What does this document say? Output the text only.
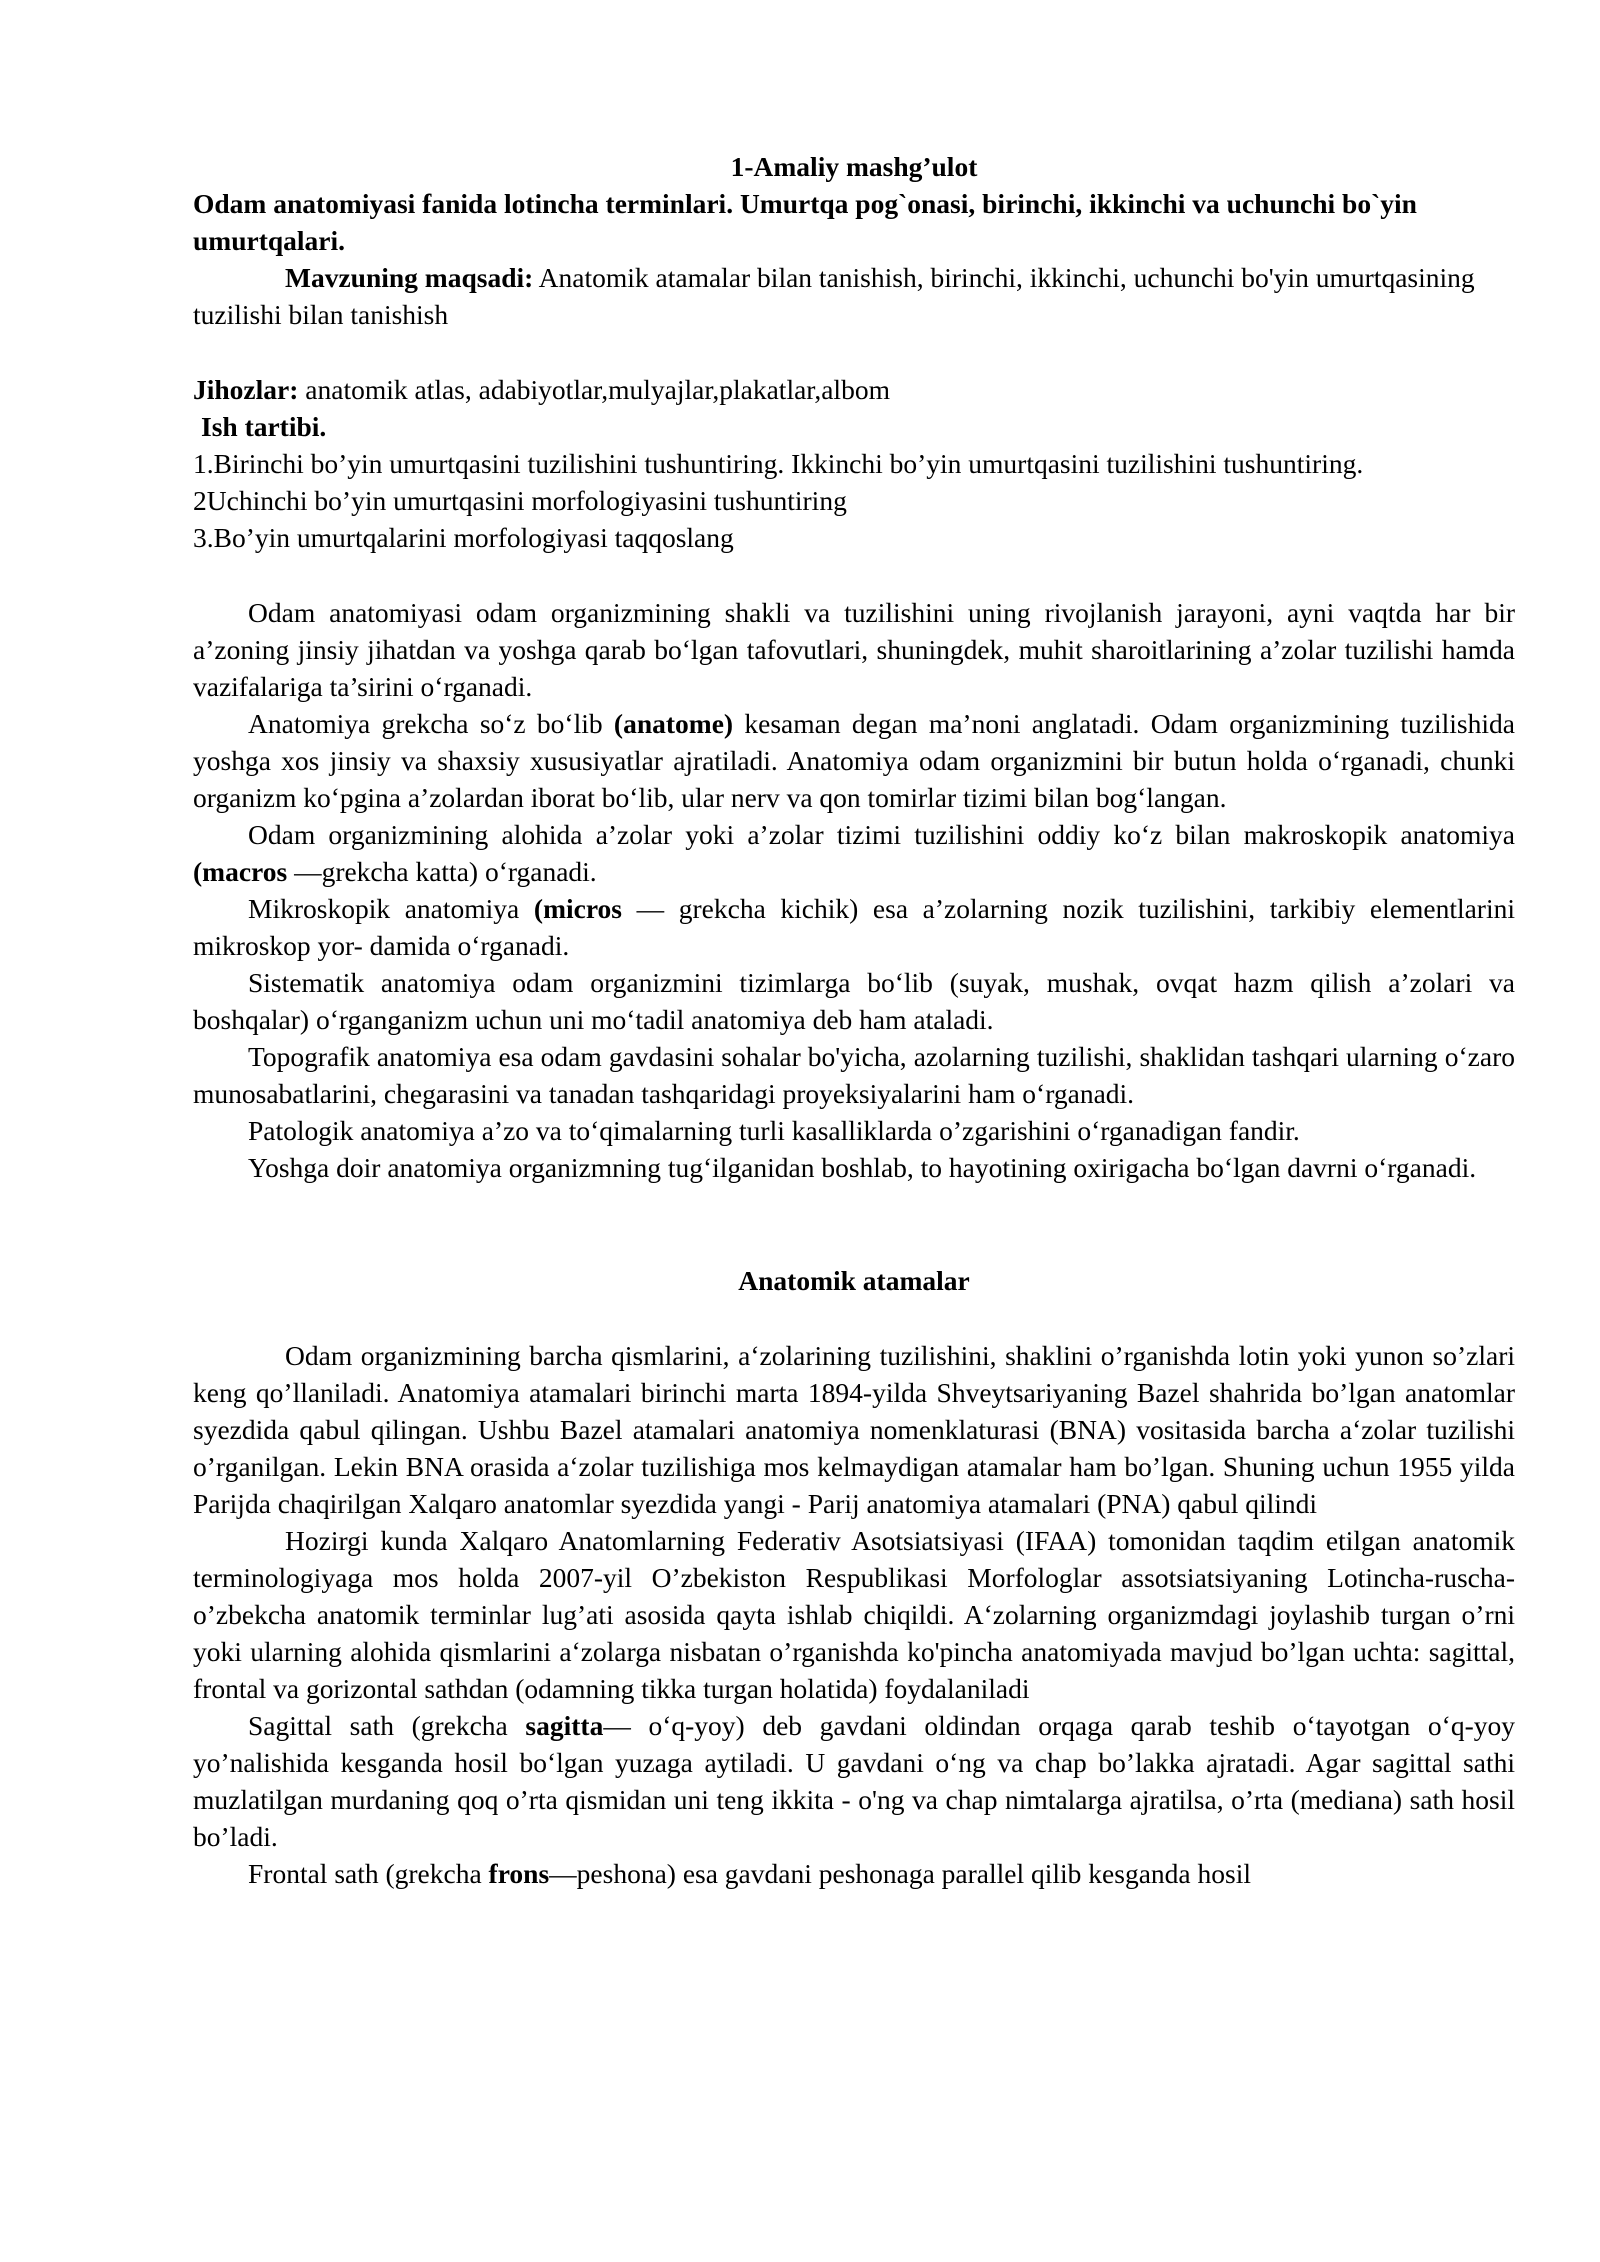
1-Amaliy mashg’ulot

Odam anatomiyasi fanida lotincha terminlari. Umurtqa pog`onasi, birinchi, ikkinchi va uchunchi bo`yin umurtqalari.

Mavzuning maqsadi: Anatomik atamalar bilan tanishish, birinchi, ikkinchi, uchunchi bo'yin umurtqasining tuzilishi bilan tanishish

Jihozlar: anatomik atlas, adabiyotlar,mulyajlar,plakatlar,albom

Ish tartibi.

1.Birinchi bo’yin umurtqasini tuzilishini tushuntiring. Ikkinchi bo’yin umurtqasini tuzilishini tushuntiring.

2Uchinchi bo’yin umurtqasini morfologiyasini tushuntiring

3.Bo’yin umurtqalarini morfologiyasi taqqoslang

Odam anatomiyasi odam organizmining shakli va tuzilishini uning rivojlanish jarayoni, ayni vaqtda har bir a’zoning jinsiy jihatdan va yoshga qarab bo‘lgan tafovutlari, shuningdek, muhit sharoitlarining a’zolar tuzilishi hamda vazifalariga ta’sirini o‘rganadi.

Anatomiya grekcha so‘z bo‘lib (anatome) kesaman degan ma’noni anglatadi. Odam organizmining tuzilishida yoshga xos jinsiy va shaxsiy xususiyatlar ajratiladi. Anatomiya odam organizmini bir butun holda o‘rganadi, chunki organizm ko‘pgina a’zolardan iborat bo‘lib, ular nerv va qon tomirlar tizimi bilan bog‘langan.

Odam organizmining alohida a’zolar yoki a’zolar tizimi tuzilishini oddiy ko‘z bilan makroskopik anatomiya (macros —grekcha katta) o‘rganadi.

Mikroskopik anatomiya (micros — grekcha kichik) esa a’zolarning nozik tuzilishini, tarkibiy elementlarini mikroskop yor- damida o‘rganadi.

Sistematik anatomiya odam organizmini tizimlarga bo‘lib (suyak, mushak, ovqat hazm qilish a’zolari va boshqalar) o‘rganganizm uchun uni mo‘tadil anatomiya deb ham ataladi.

Topografik anatomiya esa odam gavdasini sohalar bo'yicha, azolarning tuzilishi, shaklidan tashqari ularning o‘zaro munosabatlarini, chegarasini va tanadan tashqaridagi proyeksiyalarini ham o‘rganadi.

Patologik anatomiya a’zo va to‘qimalarning turli kasalliklarda o’zgarishini o‘rganadigan fandir.

Yoshga doir anatomiya organizmning tug‘ilganidan boshlab, to hayotining oxirigacha bo‘lgan davrni o‘rganadi.

Anatomik atamalar

Odam organizmining barcha qismlarini, a‘zolarining tuzilishini, shaklini o’rganishda lotin yoki yunon so’zlari keng qo’llaniladi. Anatomiya atamalari birinchi marta 1894-yilda Shveytsariyaning Bazel shahrida bo’lgan anatomlar syezdida qabul qilingan. Ushbu Bazel atamalari anatomiya nomenklaturasi (BNA) vositasida barcha a‘zolar tuzilishi o’rganilgan. Lekin BNA orasida a‘zolar tuzilishiga mos kelmaydigan atamalar ham bo’lgan. Shuning uchun 1955 yilda Parijda chaqirilgan Xalqaro anatomlar syezdida yangi - Parij anatomiya atamalari (PNA) qabul qilindi

Hozirgi kunda Xalqaro Anatomlarning Federativ Asotsiatsiyasi (IFAA) tomonidan taqdim etilgan anatomik terminologiyaga mos holda 2007-yil O’zbekiston Respublikasi Morfologlar assotsiatsiyaning Lotincha-ruscha- o’zbekcha anatomik terminlar lug’ati asosida qayta ishlab chiqildi. A‘zolarning organizmdagi joylashib turgan o’rni yoki ularning alohida qismlarini a‘zolarga nisbatan o’rganishda ko'pincha anatomiyada mavjud bo’lgan uchta: sagittal, frontal va gorizontal sathdan (odamning tikka turgan holatida) foydalaniladi

Sagittal sath (grekcha sagitta— o‘q-yoy) deb gavdani oldindan orqaga qarab teshib o‘tayotgan o‘q-yoy yo’nalishida kesganda hosil bo‘lgan yuzaga aytiladi. U gavdani o‘ng va chap bo’lakka ajratadi. Agar sagittal sathi muzlatilgan murdaning qoq o’rta qismidan uni teng ikkita - o'ng va chap nimtalarga ajratilsa, o’rta (mediana) sath hosil bo’ladi.

Frontal sath (grekcha frons—peshona) esa gavdani peshonaga parallel qilib kesganda hosil
